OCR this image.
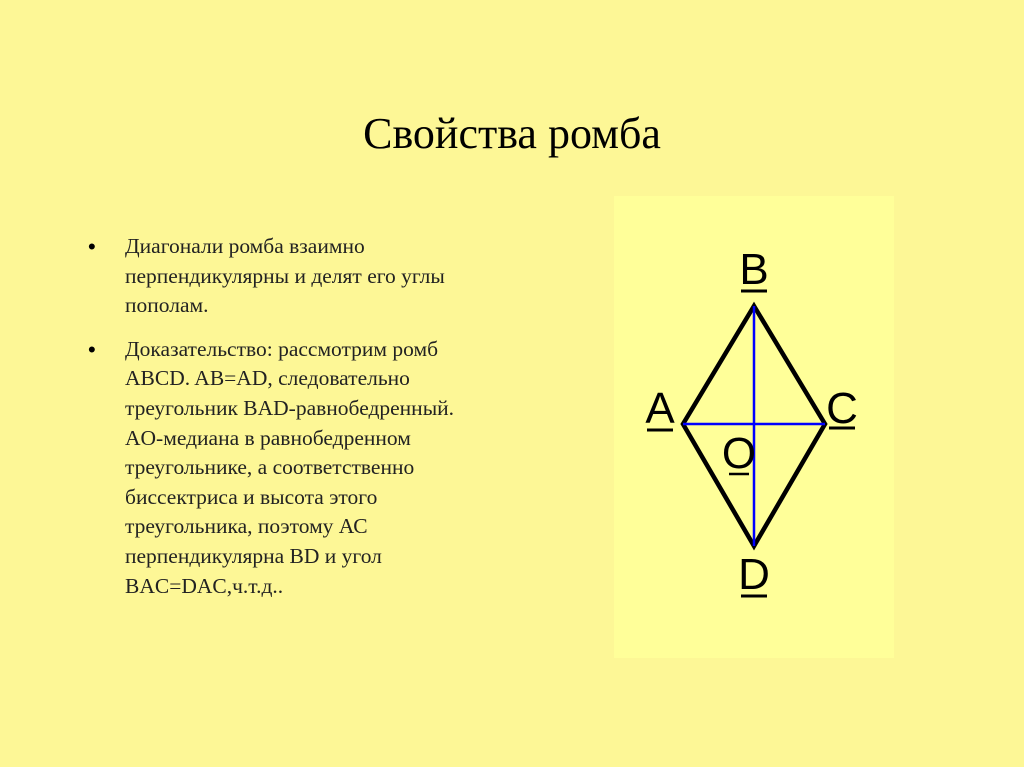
Свойства ромба
• Диагонали ромба взаимно перпендикулярны и делят его углы пополам.
• Доказательство: рассмотрим ромб ABCD. AB=AD, следовательно треугольник BAD-равнобедренный. AO-медиана в равнобедренном треугольнике, а соответственно биссектриса и высота этого треугольника, поэтому АС перпендикулярна BD и угол BAC=DAC,ч.т.д..
B
A	C
O
D
